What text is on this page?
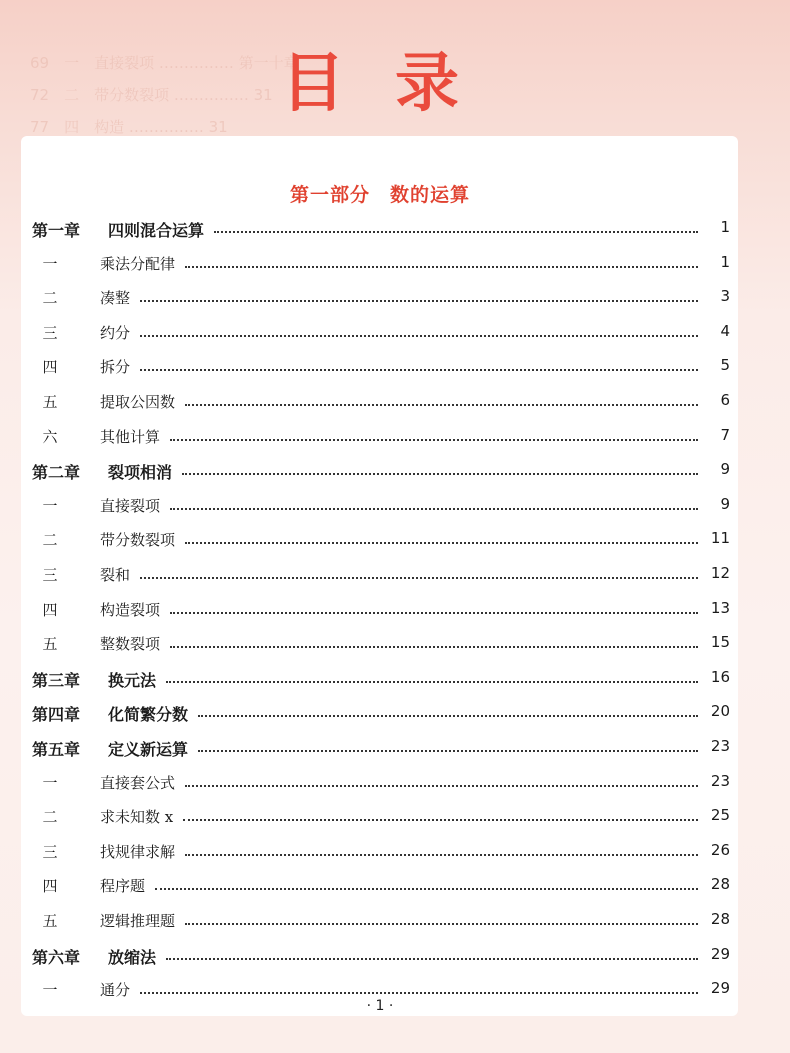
69　一　直接裂项 …………… 第一十章
72　二　带分数裂项 …………… 31
77　四　构造 …………… 31
目录
第一部分　数的运算
第一章 四则混合运算	1
一	乘法分配律	1
二	凑整	3
三	约分	4
四	拆分	5
五	提取公因数	6
六	其他计算	7
第二章 裂项相消	9
一	直接裂项	9
二	带分数裂项	11
三	裂和	12
四	构造裂项	13
五	整数裂项	15
第三章 换元法	16
第四章 化简繁分数	20
第五章 定义新运算	23
一	直接套公式	23
二	求未知数 x	25
三	找规律求解	26
四	程序题	28
五	逻辑推理题	28
第六章 放缩法	29
一	通分	29
· 1 ·
